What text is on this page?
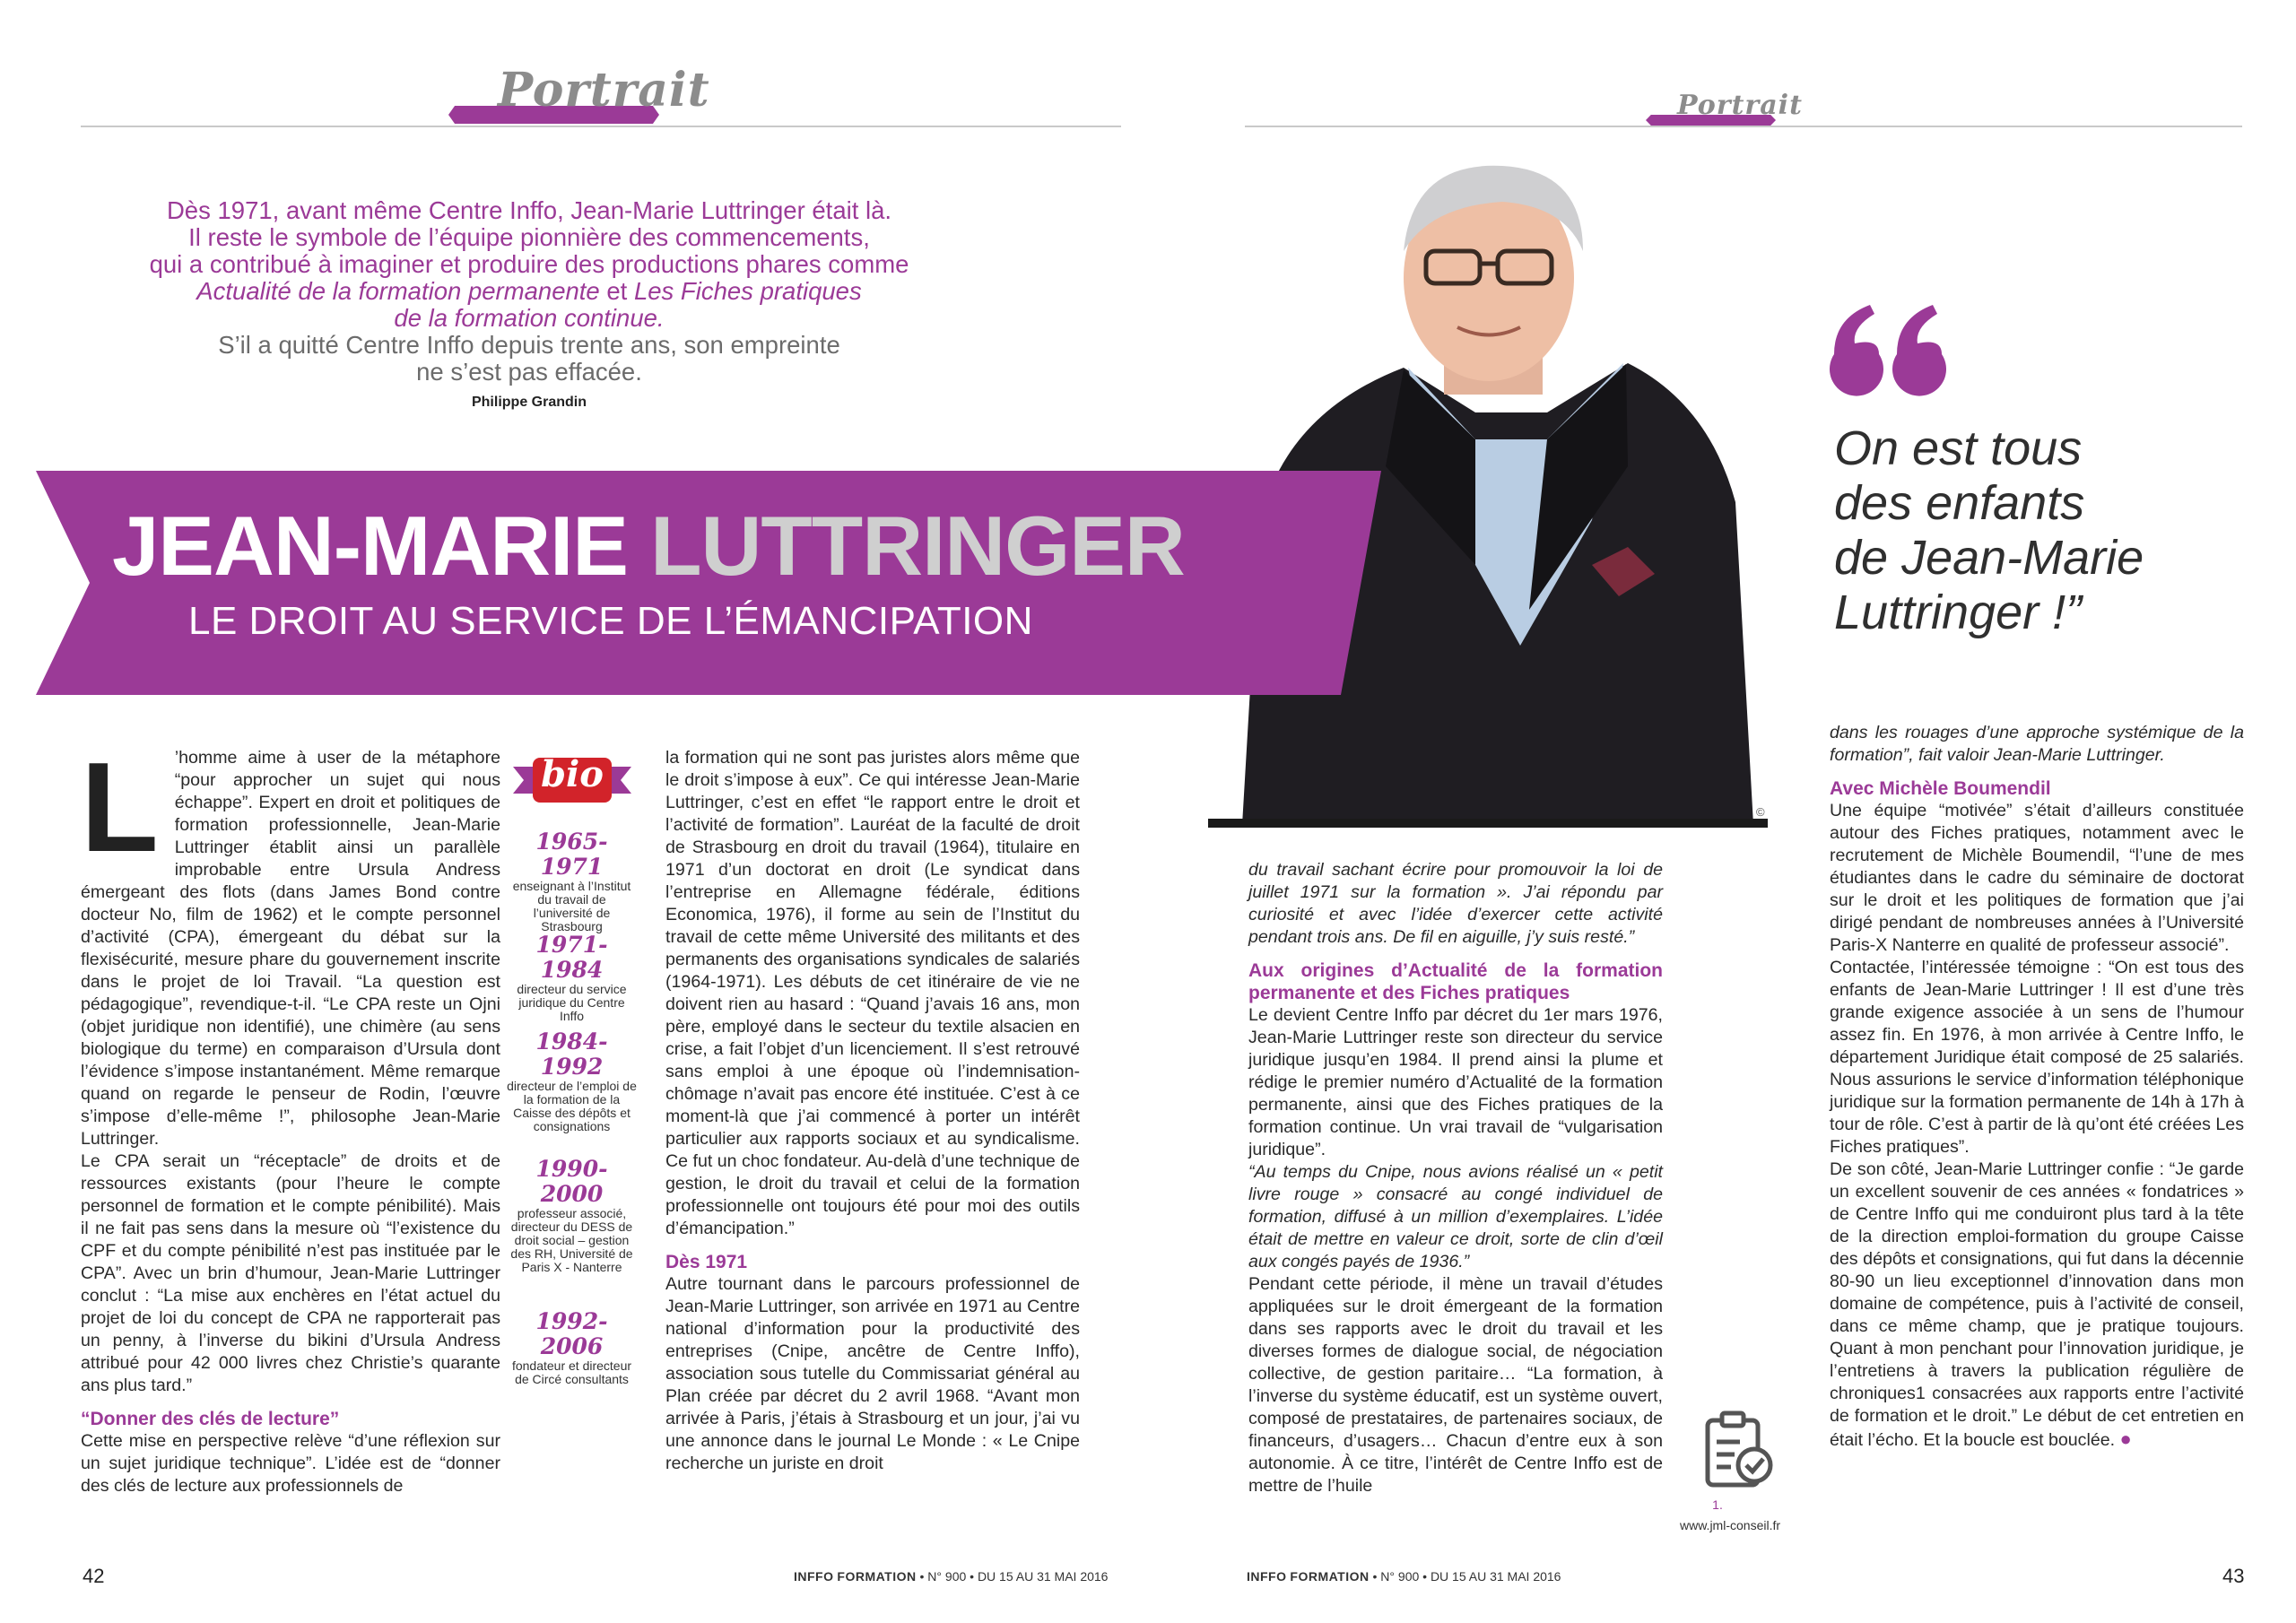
Portrait	Portrait
Dès 1971, avant même Centre Inffo, Jean-Marie Luttringer était là.
Il reste le symbole de l’équipe pionnière des commencements,
qui a contribué à imaginer et produire des productions phares comme
Actualité de la formation permanente et Les Fiches pratiques
de la formation continue.
S’il a quitté Centre Inffo depuis trente ans, son empreinte
ne s’est pas effacée.
Philippe Grandin
©
JEAN-MARIE LUTTRINGER
LE DROIT AU SERVICE DE L’ÉMANCIPATION
On est tous
des enfants
de Jean-Marie
Luttringer !”

L ’homme aime à user de la métaphore “pour approcher un sujet qui nous échappe”. Expert en droit et politiques de formation professionnelle, Jean-Marie Luttringer établit ainsi un parallèle improbable entre Ursula Andress émergeant des flots (dans James Bond contre docteur No, film de 1962) et le compte personnel d’activité (CPA), émergeant du débat sur la flexisécurité, mesure phare du gouvernement inscrite dans le projet de loi Travail. “La question est pédagogique”, revendique-t-il. “Le CPA reste un Ojni (objet juridique non identifié), une chimère (au sens biologique du terme) en comparaison d’Ursula dont l’évidence s’impose instantanément. Même remarque quand on regarde le penseur de Rodin, l’œuvre s’impose d’elle-même !”, philosophe Jean-Marie Luttringer.

Le CPA serait un “réceptacle” de droits et de ressources existants (pour l’heure le compte personnel de formation et le compte pénibilité). Mais il ne fait pas sens dans la mesure où “l’existence du CPF et du compte pénibilité n’est pas instituée par le CPA”. Avec un brin d’humour, Jean-Marie Luttringer conclut : “La mise aux enchères en l’état actuel du projet de loi du concept de CPA ne rapporterait pas un penny, à l’inverse du bikini d’Ursula Andress attribué pour 42 000 livres chez Christie’s quarante ans plus tard.”

“Donner des clés de lecture”

Cette mise en perspective relève “d’une réflexion sur un sujet juridique technique”. L’idée est de “donner des clés de lecture aux professionnels de

bio
1965-1971
enseignant à l’Institut du travail de l’université de Strasbourg
1971-1984
directeur du service juridique du Centre Inffo
1984-1992
directeur de l’emploi de la formation de la Caisse des dépôts et consignations
1990-2000
professeur associé, directeur du DESS de droit social – gestion des RH, Université de Paris X - Nanterre
1992-2006
fondateur et directeur de Circé consultants

la formation qui ne sont pas juristes alors même que le droit s’impose à eux”. Ce qui intéresse Jean-Marie Luttringer, c’est en effet “le rapport entre le droit et l’activité de formation”. Lauréat de la faculté de droit de Strasbourg en droit du travail (1964), titulaire en 1971 d’un doctorat en droit (Le syndicat dans l’entreprise en Allemagne fédérale, éditions Economica, 1976), il forme au sein de l’Institut du travail de cette même Université des militants et des permanents des organisations syndicales de salariés (1964-1971). Les débuts de cet itinéraire de vie ne doivent rien au hasard : “Quand j’avais 16 ans, mon père, employé dans le secteur du textile alsacien en crise, a fait l’objet d’un licenciement. Il s’est retrouvé sans emploi à une époque où l’indemnisation-chômage n’avait pas encore été instituée. C’est à ce moment-là que j’ai commencé à porter un intérêt particulier aux rapports sociaux et au syndicalisme. Ce fut un choc fondateur. Au-delà d’une technique de gestion, le droit du travail et celui de la formation professionnelle ont toujours été pour moi des outils d’émancipation.”

Dès 1971

Autre tournant dans le parcours professionnel de Jean-Marie Luttringer, son arrivée en 1971 au Centre national d’information pour la productivité des entreprises (Cnipe, ancêtre de Centre Inffo), association sous tutelle du Commissariat général au Plan créée par décret du 2 avril 1968. “Avant mon arrivée à Paris, j’étais à Strasbourg et un jour, j’ai vu une annonce dans le journal Le Monde : « Le Cnipe recherche un juriste en droit

du travail sachant écrire pour promouvoir la loi de juillet 1971 sur la formation ». J’ai répondu par curiosité et avec l’idée d’exercer cette activité pendant trois ans. De fil en aiguille, j’y suis resté.”

Aux origines d’Actualité de la formation permanente et des Fiches pratiques

Le devient Centre Inffo par décret du 1er mars 1976, Jean-Marie Luttringer reste son directeur du service juridique jusqu’en 1984. Il prend ainsi la plume et rédige le premier numéro d’Actualité de la formation permanente, ainsi que des Fiches pratiques de la formation continue. Un vrai travail de “vulgarisation juridique”.

“Au temps du Cnipe, nous avions réalisé un « petit livre rouge » consacré au congé individuel de formation, diffusé à un million d’exemplaires. L’idée était de mettre en valeur ce droit, sorte de clin d’œil aux congés payés de 1936.”

Pendant cette période, il mène un travail d’études appliquées sur le droit émergeant de la formation dans ses rapports avec le droit du travail et les diverses formes de dialogue social, de négociation collective, de gestion paritaire… “La formation, à l’inverse du système éducatif, est un système ouvert, composé de prestataires, de partenaires sociaux, de financeurs, d’usagers… Chacun d’entre eux à son autonomie. À ce titre, l’intérêt de Centre Inffo est de mettre de l’huile

1.
www.jml-conseil.fr

dans les rouages d’une approche systémique de la formation”, fait valoir Jean-Marie Luttringer.

Avec Michèle Boumendil

Une équipe “motivée” s’était d’ailleurs constituée autour des Fiches pratiques, notamment avec le recrutement de Michèle Boumendil, “l’une de mes étudiantes dans le cadre du séminaire de doctorat sur le droit et les politiques de formation que j’ai dirigé pendant de nombreuses années à l’Université Paris-X Nanterre en qualité de professeur associé”.

Contactée, l’intéressée témoigne : “On est tous des enfants de Jean-Marie Luttringer ! Il est d’une très grande exigence associée à un sens de l’humour assez fin. En 1976, à mon arrivée à Centre Inffo, le département Juridique était composé de 25 salariés. Nous assurions le service d’information téléphonique juridique sur la formation permanente de 14h à 17h à tour de rôle. C’est à partir de là qu’ont été créées Les Fiches pratiques”.

De son côté, Jean-Marie Luttringer confie : “Je garde un excellent souvenir de ces années « fondatrices » de Centre Inffo qui me conduiront plus tard à la tête de la direction emploi-formation du groupe Caisse des dépôts et consignations, qui fut dans la décennie 80-90 un lieu exceptionnel d’innovation dans mon domaine de compétence, puis à l’activité de conseil, dans ce même champ, que je pratique toujours. Quant à mon penchant pour l’innovation juridique, je l’entretiens à travers la publication régulière de chroniques1 consacrées aux rapports entre l’activité de formation et le droit.” Le début de cet entretien en était l’écho. Et la boucle est bouclée. ●

42	INFFO FORMATION • N° 900 • DU 15 AU 31 MAI 2016	INFFO FORMATION • N° 900 • DU 15 AU 31 MAI 2016	43
